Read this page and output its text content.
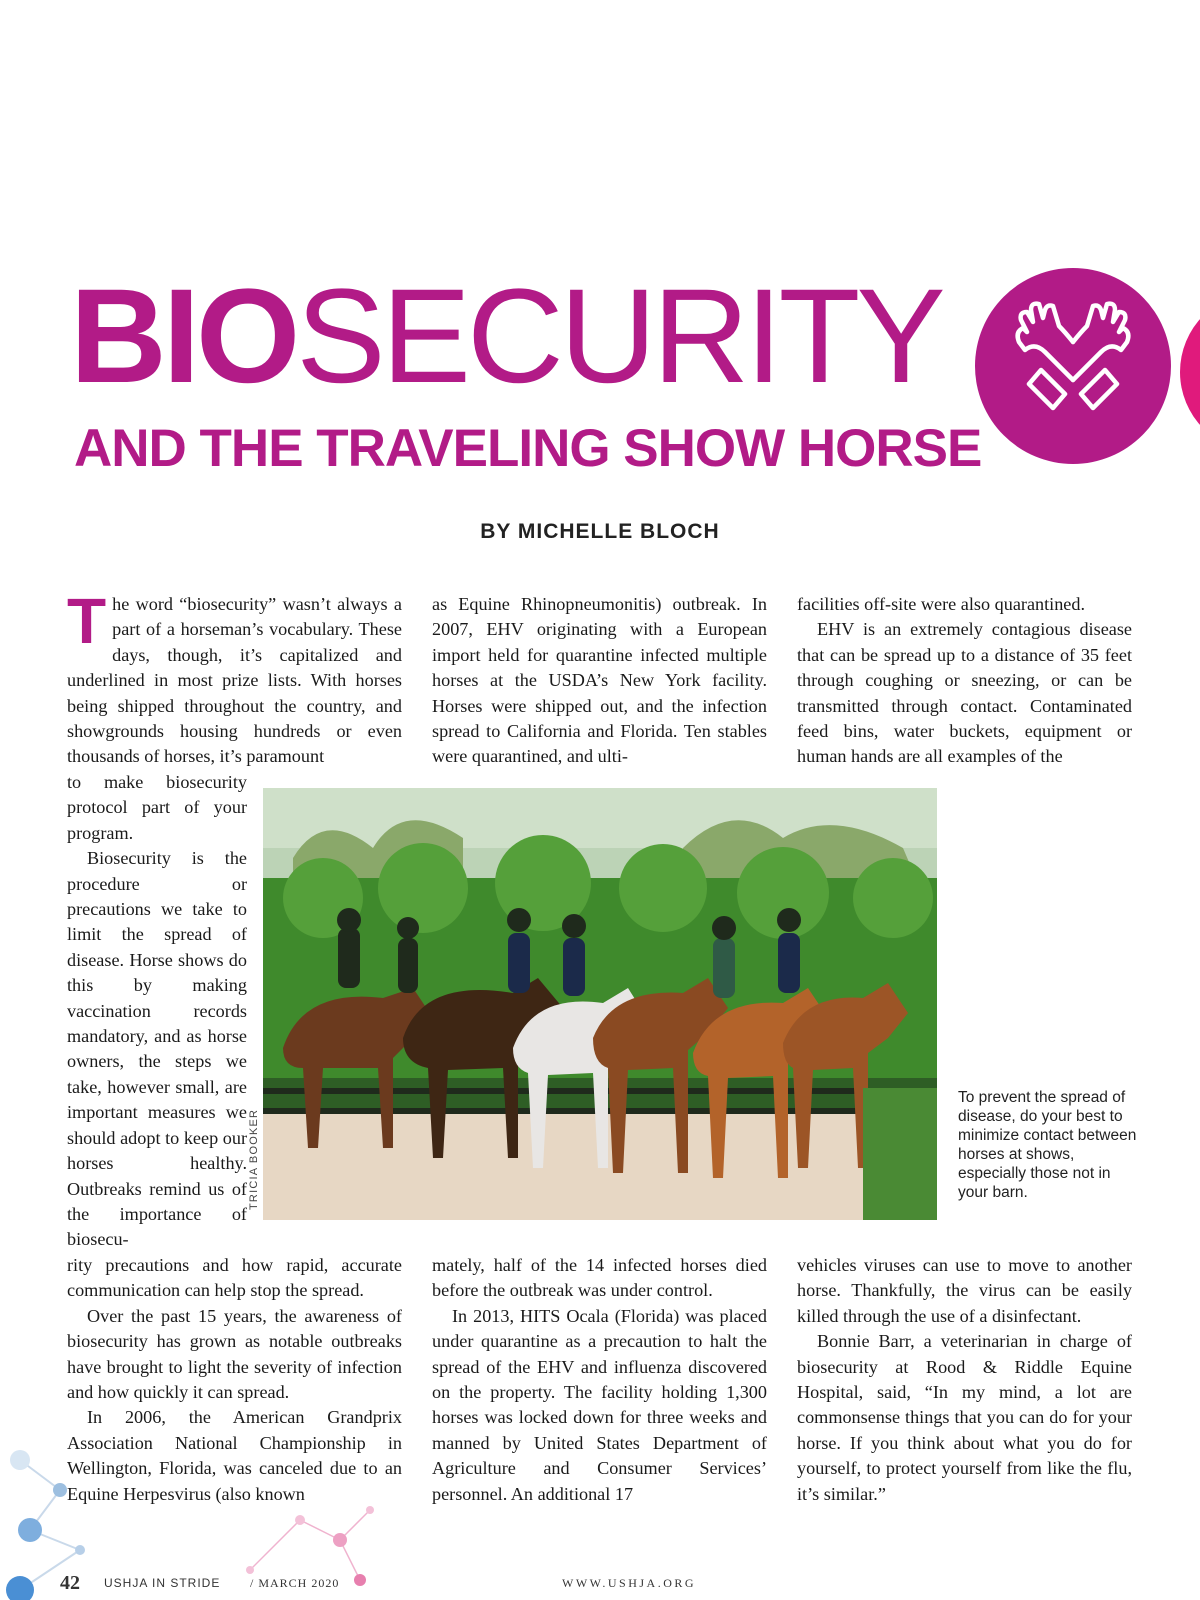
BIOSECURITY
AND THE TRAVELING SHOW HORSE
BY MICHELLE BLOCH

The word “biosecurity” wasn’t always a part of a horseman’s vocabulary. These days, though, it’s capitalized and underlined in most prize lists. With horses being shipped throughout the country, and showgrounds housing hundreds or even thousands of horses, it’s paramount

to make biosecurity protocol part of your program.

Biosecurity is the procedure or precautions we take to limit the spread of disease. Horse shows do this by making vaccination records mandatory, and as horse owners, the steps we take, however small, are important measures we should adopt to keep our horses healthy. Outbreaks remind us of the importance of biosecu-

rity precautions and how rapid, accurate communication can help stop the spread.

Over the past 15 years, the awareness of biosecurity has grown as notable outbreaks have brought to light the severity of infection and how quickly it can spread.

In 2006, the American Grandprix Association National Championship in Wellington, Florida, was canceled due to an Equine Herpesvirus (also known

as Equine Rhinopneumonitis) outbreak. In 2007, EHV originating with a European import held for quarantine infected multiple horses at the USDA’s New York facility. Horses were shipped out, and the infection spread to California and Florida. Ten stables were quarantined, and ulti-

mately, half of the 14 infected horses died before the outbreak was under control.

In 2013, HITS Ocala (Florida) was placed under quarantine as a precaution to halt the spread of the EHV and influenza discovered on the property. The facility holding 1,300 horses was locked down for three weeks and manned by United States Department of Agriculture and Consumer Services’ personnel. An additional 17

facilities off-site were also quarantined.

EHV is an extremely contagious disease that can be spread up to a distance of 35 feet through coughing or sneezing, or can be transmitted through contact. Contaminated feed bins, water buckets, equipment or human hands are all examples of the

vehicles viruses can use to move to another horse. Thankfully, the virus can be easily killed through the use of a disinfectant.

Bonnie Barr, a veterinarian in charge of biosecurity at Rood & Riddle Equine Hospital, said, “In my mind, a lot are commonsense things that you can do for your horse. If you think about what you do for yourself, to protect yourself from like the flu, it’s similar.”

TRICIA BOOKER
To prevent the spread of disease, do your best to minimize contact between horses at shows, especially those not in your barn.
42 USHJA IN STRIDE / MARCH 2020	WWW.USHJA.ORG
